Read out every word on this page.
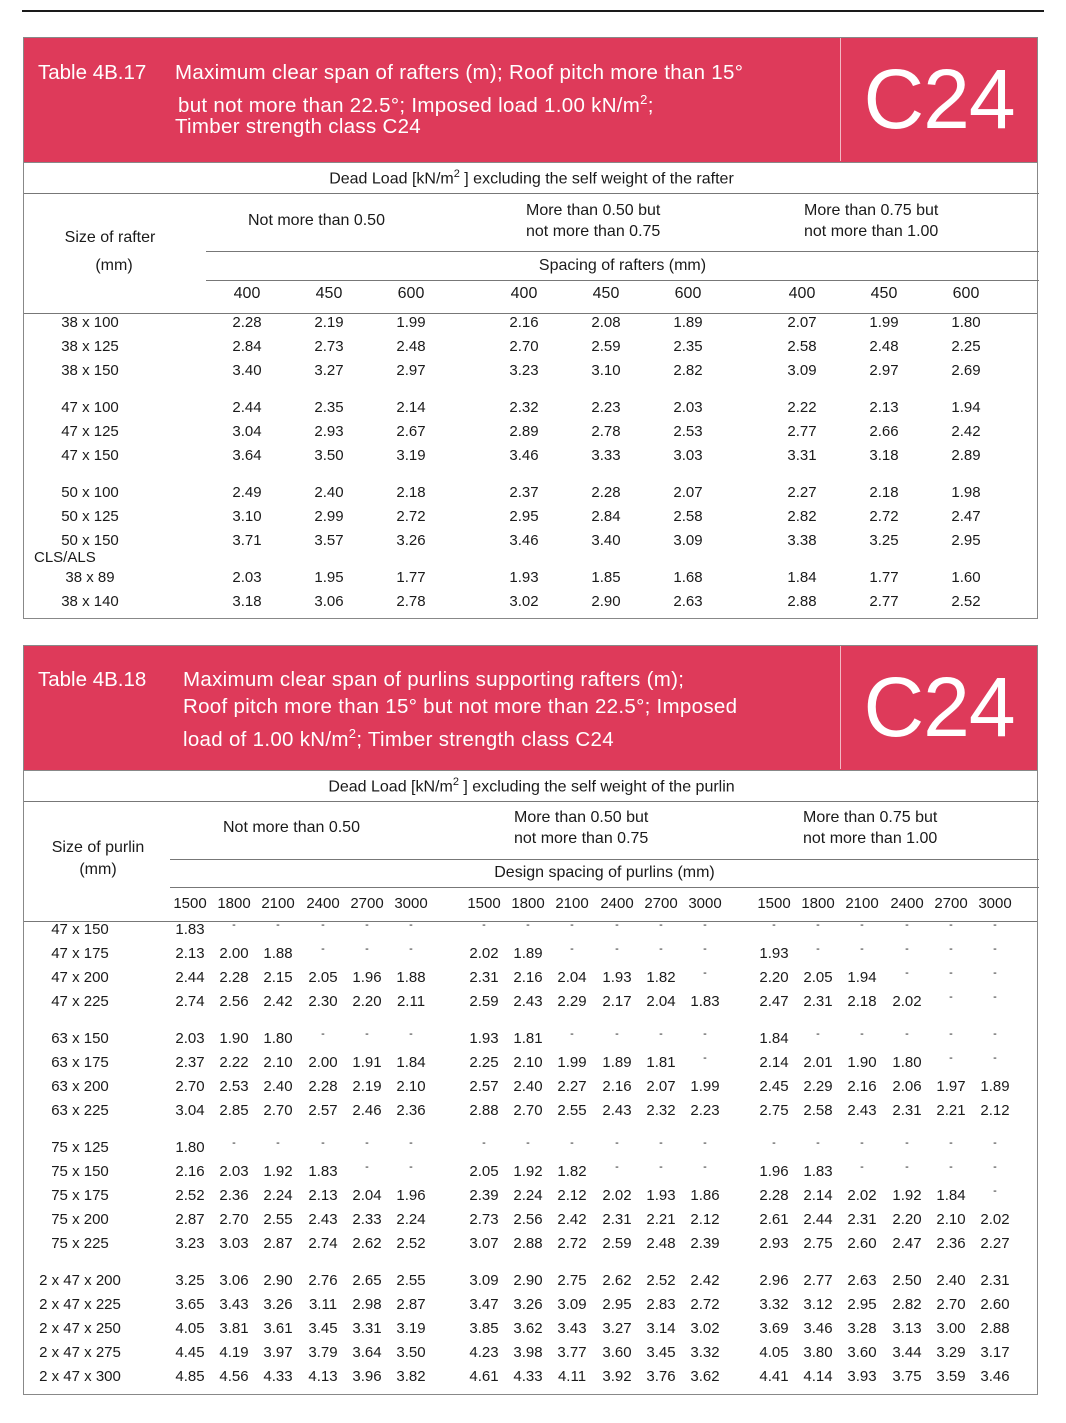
Table 4B.17 Maximum clear span of rafters (m); Roof pitch more than 15°
but not more than 22.5°; Imposed load 1.00 $kN/m^2$;
Timber strength class C24	C24
Dead Load [$kN/m^2$ ] excluding the self weight of the rafter
Size of rafter
(mm)
Not more than 0.50
More than 0.50 but
not more than 0.75
More than 0.75 but
not more than 1.00
Spacing of rafters (mm)
400	450	600	400	450	600	400	450	600
38 x 100	2.28	2.19	1.99	2.16	2.08	1.89	2.07	1.99	1.80
38 x 125	2.84	2.73	2.48	2.70	2.59	2.35	2.58	2.48	2.25
38 x 150	3.40	3.27	2.97	3.23	3.10	2.82	3.09	2.97	2.69
47 x 100	2.44	2.35	2.14	2.32	2.23	2.03	2.22	2.13	1.94
47 x 125	3.04	2.93	2.67	2.89	2.78	2.53	2.77	2.66	2.42
47 x 150	3.64	3.50	3.19	3.46	3.33	3.03	3.31	3.18	2.89
50 x 100	2.49	2.40	2.18	2.37	2.28	2.07	2.27	2.18	1.98
50 x 125	3.10	2.99	2.72	2.95	2.84	2.58	2.82	2.72	2.47
50 x 150	3.71	3.57	3.26	3.46	3.40	3.09	3.38	3.25	2.95
38 x 89	2.03	1.95	1.77	1.93	1.85	1.68	1.84	1.77	1.60
38 x 140	3.18	3.06	2.78	3.02	2.90	2.63	2.88	2.77	2.52
CLS/ALS
Table 4B.18 Maximum clear span of purlins supporting rafters (m);
Roof pitch more than 15° but not more than 22.5°; Imposed
load of 1.00 $kN/m^2$; Timber strength class C24	C24
Dead Load [$kN/m^2$ ] excluding the self weight of the purlin
Size of purlin
(mm)
Not more than 0.50
More than 0.50 but
not more than 0.75
More than 0.75 but
not more than 1.00
Design spacing of purlins (mm)
1500 1800 2100 2400 2700 3000	1500 1800 2100 2400 2700 3000	1500 1800 2100 2400 2700 3000
47 x 150	1.83	-	-	-	-	-	-	-	-	-	-	-	-	-	-	-	-	-
47 x 175	2.13 2.00 1.88	-	-	-	2.02 1.89	-	-	-	-	1.93	-	-	-	-	-
47 x 200	2.44 2.28 2.15	2.05 1.96 1.88	2.31 2.16 2.04	1.93 1.82	-	2.20 2.05 1.94	-	-	-
47 x 225	2.74 2.56 2.42	2.30 2.20	2.11	2.59 2.43 2.29	2.17 2.04 1.83	2.47 2.31 2.18	2.02	-	-
63 x 150	2.03 1.90 1.80	-	-	-	1.93 1.81	-	-	-	-	1.84	-	-	-	-	-
63 x 175	2.37 2.22 2.10	2.00 1.91 1.84	2.25 2.10 1.99	1.89 1.81	-	2.14 2.01 1.90	1.80	-	-
63 x 200	2.70 2.53 2.40	2.28 2.19 2.10	2.57 2.40 2.27	2.16 2.07 1.99	2.45 2.29 2.16	2.06 1.97 1.89
63 x 225	3.04 2.85 2.70	2.57 2.46 2.36	2.88 2.70 2.55	2.43 2.32 2.23	2.75 2.58 2.43	2.31 2.21 2.12
75 x 125	1.80	-	-	-	-	-	-	-	-	-	-	-	-	-	-	-	-	-
75 x 150	2.16 2.03 1.92	1.83	-	-	2.05 1.92 1.82	-	-	-	1.96 1.83	-	-	-	-
75 x 175	2.52 2.36 2.24	2.13 2.04 1.96	2.39 2.24 2.12	2.02 1.93 1.86	2.28 2.14 2.02	1.92 1.84	-
75 x 200	2.87 2.70 2.55	2.43 2.33 2.24	2.73 2.56 2.42	2.31 2.21 2.12	2.61 2.44 2.31	2.20 2.10 2.02
75 x 225	3.23 3.03 2.87	2.74 2.62 2.52	3.07 2.88 2.72	2.59 2.48 2.39	2.93 2.75 2.60	2.47 2.36 2.27
2 x 47 x 200	3.25 3.06 2.90	2.76 2.65 2.55	3.09 2.90 2.75	2.62 2.52 2.42	2.96 2.77 2.63	2.50 2.40 2.31
2 x 47 x 225	3.65 3.43 3.26	3.11	2.98 2.87	3.47 3.26 3.09	2.95 2.83 2.72	3.32 3.12 2.95	2.82 2.70 2.60
2 x 47 x 250	4.05 3.81 3.61	3.45 3.31 3.19	3.85 3.62 3.43	3.27 3.14 3.02	3.69 3.46 3.28	3.13 3.00 2.88
2 x 47 x 275	4.45 4.19 3.97	3.79 3.64 3.50	4.23 3.98 3.77	3.60 3.45 3.32	4.05 3.80 3.60	3.44 3.29 3.17
2 x 47 x 300	4.85 4.56 4.33	4.13 3.96 3.82	4.61 4.33	4.11	3.92 3.76 3.62	4.41 4.14 3.93	3.75 3.59 3.46
